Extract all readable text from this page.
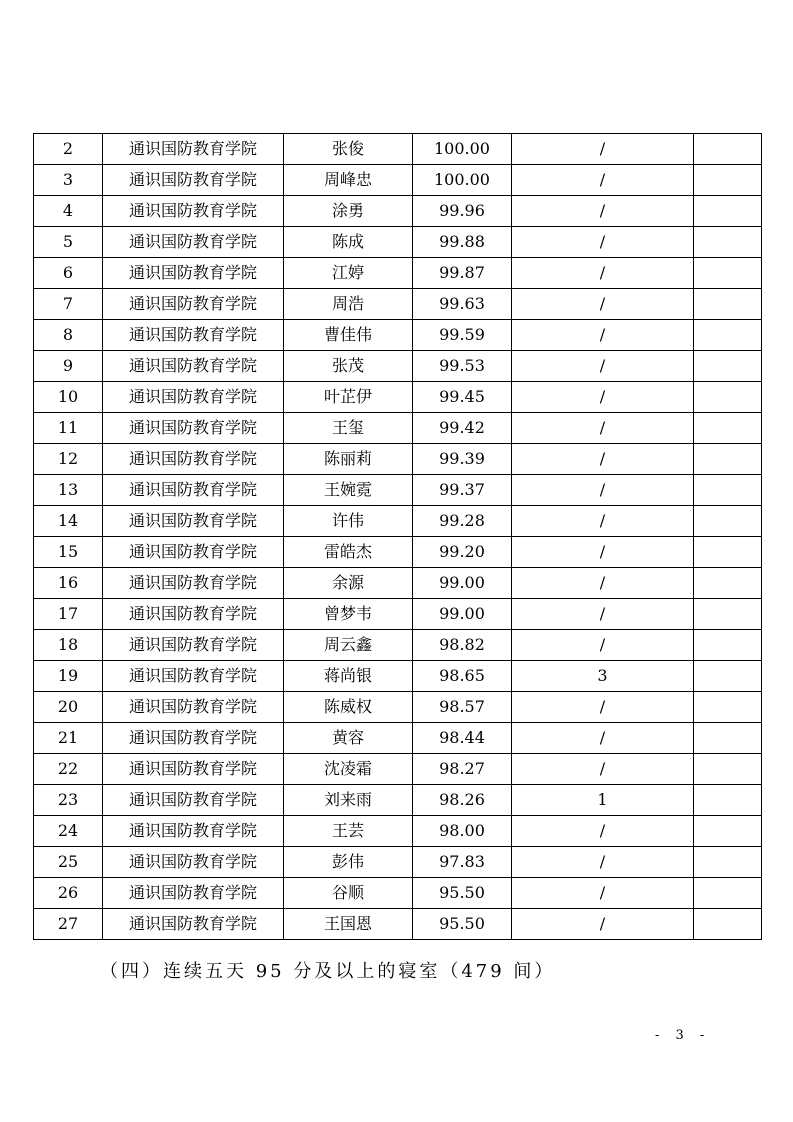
2	通识国防教育学院	张俊	100.00	/	
3	通识国防教育学院	周峰忠	100.00	/	
4	通识国防教育学院	涂勇	99.96	/	
5	通识国防教育学院	陈成	99.88	/	
6	通识国防教育学院	江婷	99.87	/	
7	通识国防教育学院	周浩	99.63	/	
8	通识国防教育学院	曹佳伟	99.59	/	
9	通识国防教育学院	张茂	99.53	/	
10	通识国防教育学院	叶芷伊	99.45	/	
11	通识国防教育学院	王玺	99.42	/	
12	通识国防教育学院	陈丽莉	99.39	/	
13	通识国防教育学院	王婉霓	99.37	/	
14	通识国防教育学院	许伟	99.28	/	
15	通识国防教育学院	雷皓杰	99.20	/	
16	通识国防教育学院	余源	99.00	/	
17	通识国防教育学院	曾梦韦	99.00	/	
18	通识国防教育学院	周云鑫	98.82	/	
19	通识国防教育学院	蒋尚银	98.65	3	
20	通识国防教育学院	陈威权	98.57	/	
21	通识国防教育学院	黄容	98.44	/	
22	通识国防教育学院	沈凌霜	98.27	/	
23	通识国防教育学院	刘来雨	98.26	1	
24	通识国防教育学院	王芸	98.00	/	
25	通识国防教育学院	彭伟	97.83	/	
26	通识国防教育学院	谷顺	95.50	/	
27	通识国防教育学院	王国恩	95.50	/	
（四）连续五天 95 分及以上的寝室（479 间）
- 3 -
